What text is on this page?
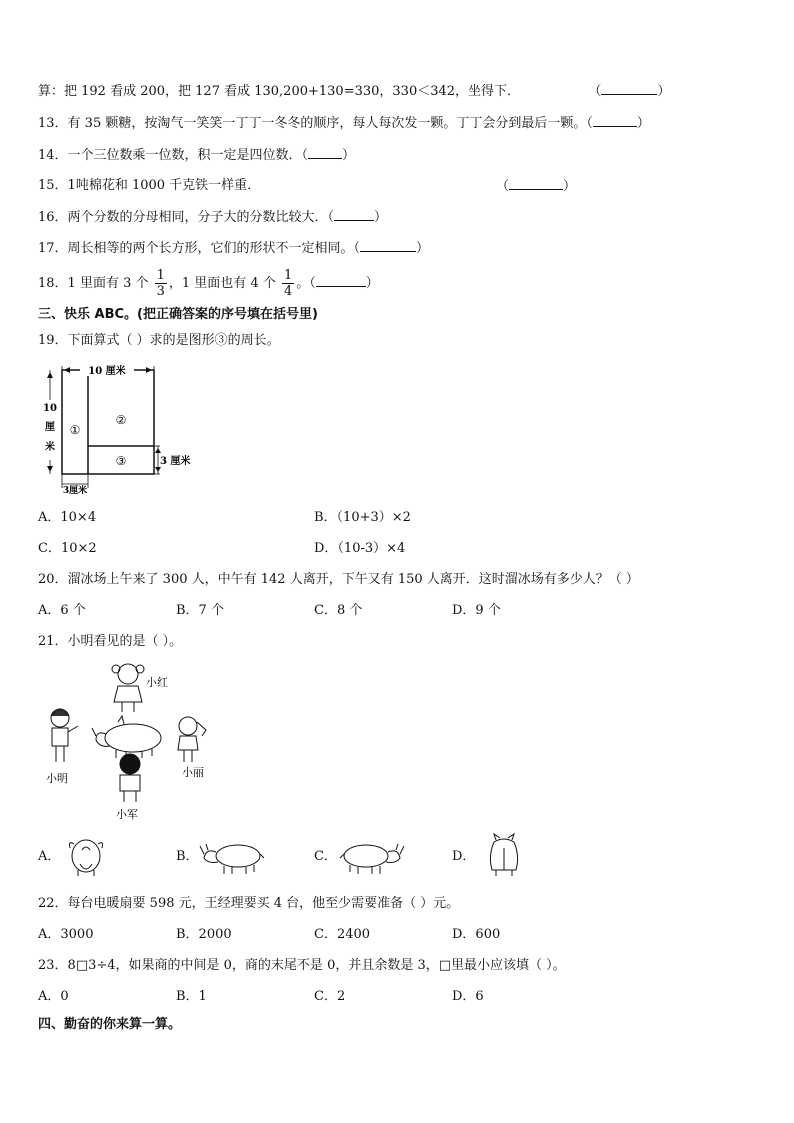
算：把 192 看成 200，把 127 看成 130,200+130=330，330＜342，坐得下．	（	）
13．有 35 颗糖，按淘气一笑笑一丁丁一冬冬的顺序，每人每次发一颗。丁丁会分到最后一颗。（	）
14．一个三位数乘一位数，积一定是四位数．（	）
15．1吨棉花和 1000 千克铁一样重．	（	）
16．两个分数的分母相同，分子大的分数比较大．（	）
17．周长相等的两个长方形，它们的形状不一定相同。（	）
18．1 里面有 3 个 $\frac{1}{3}$ ，1 里面也有 4 个 $\frac{1}{4}$ 。（	）
三、快乐 ABC。(把正确答案的序号填在括号里)
19．下面算式（ ）求的是图形③的周长。
10 厘米
10
厘
米
3 厘米
3厘米
①
②
③
A．10×4	B．（10+3）×2
C．10×2	D．（10-3）×4
20．溜冰场上午来了 300 人，中午有 142 人离开，下午又有 150 人离开．这时溜冰场有多少人？（ ）
A．6 个	B．7 个	C．8 个	D．9 个
21．小明看见的是（ ）。
小红
小明	小丽
小军
A．	B．	C．	D．
22．每台电暖扇要 598 元，王经理要买 4 台，他至少需要准备（ ）元。
A．3000	B．2000	C．2400	D．600
23．8□3÷4，如果商的中间是 0，商的末尾不是 0，并且余数是 3，□里最小应该填（ ）。
A．0	B．1	C．2	D．6
四、勤奋的你来算一算。
